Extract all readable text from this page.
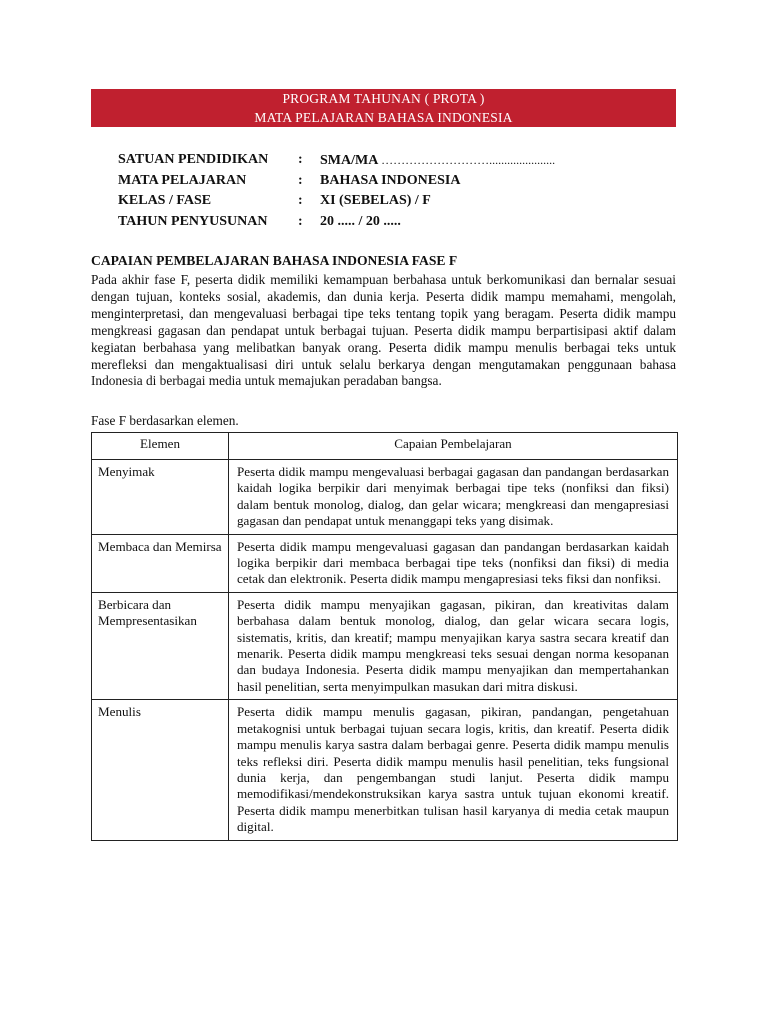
PROGRAM TAHUNAN ( PROTA )
MATA PELAJARAN BAHASA INDONESIA
SATUAN PENDIDIKAN	:	SMA/MA ………………………......................
MATA PELAJARAN	:	BAHASA INDONESIA
KELAS / FASE	:	XI (SEBELAS) / F
TAHUN PENYUSUNAN	:	20 ..... / 20 .....
CAPAIAN PEMBELAJARAN BAHASA INDONESIA FASE F
Pada akhir fase F, peserta didik memiliki kemampuan berbahasa untuk berkomunikasi dan bernalar sesuai dengan tujuan, konteks sosial, akademis, dan dunia kerja. Peserta didik mampu memahami, mengolah, menginterpretasi, dan mengevaluasi berbagai tipe teks tentang topik yang beragam. Peserta didik mampu mengkreasi gagasan dan pendapat untuk berbagai tujuan. Peserta didik mampu berpartisipasi aktif dalam kegiatan berbahasa yang melibatkan banyak orang. Peserta didik mampu menulis berbagai teks untuk merefleksi dan mengaktualisasi diri untuk selalu berkarya dengan mengutamakan penggunaan bahasa Indonesia di berbagai media untuk memajukan peradaban bangsa.
Fase F berdasarkan elemen.
Elemen	Capaian Pembelajaran
Menyimak	Peserta didik mampu mengevaluasi berbagai gagasan dan pandangan berdasarkan kaidah logika berpikir dari menyimak berbagai tipe teks (nonfiksi dan fiksi) dalam bentuk monolog, dialog, dan gelar wicara; mengkreasi dan mengapresiasi gagasan dan pendapat untuk menanggapi teks yang disimak.
Membaca dan Memirsa	Peserta didik mampu mengevaluasi gagasan dan pandangan berdasarkan kaidah logika berpikir dari membaca berbagai tipe teks (nonfiksi dan fiksi) di media cetak dan elektronik. Peserta didik mampu mengapresiasi teks fiksi dan nonfiksi.
Berbicara dan Mempresentasikan	Peserta didik mampu menyajikan gagasan, pikiran, dan kreativitas dalam berbahasa dalam bentuk monolog, dialog, dan gelar wicara secara logis, sistematis, kritis, dan kreatif; mampu menyajikan karya sastra secara kreatif dan menarik. Peserta didik mampu mengkreasi teks sesuai dengan norma kesopanan dan budaya Indonesia. Peserta didik mampu menyajikan dan mempertahankan hasil penelitian, serta menyimpulkan masukan dari mitra diskusi.
Menulis	Peserta didik mampu menulis gagasan, pikiran, pandangan, pengetahuan metakognisi untuk berbagai tujuan secara logis, kritis, dan kreatif. Peserta didik mampu menulis karya sastra dalam berbagai genre. Peserta didik mampu menulis teks refleksi diri. Peserta didik mampu menulis hasil penelitian, teks fungsional dunia kerja, dan pengembangan studi lanjut. Peserta didik mampu memodifikasi/mendekonstruksikan karya sastra untuk tujuan ekonomi kreatif. Peserta didik mampu menerbitkan tulisan hasil karyanya di media cetak maupun digital.
